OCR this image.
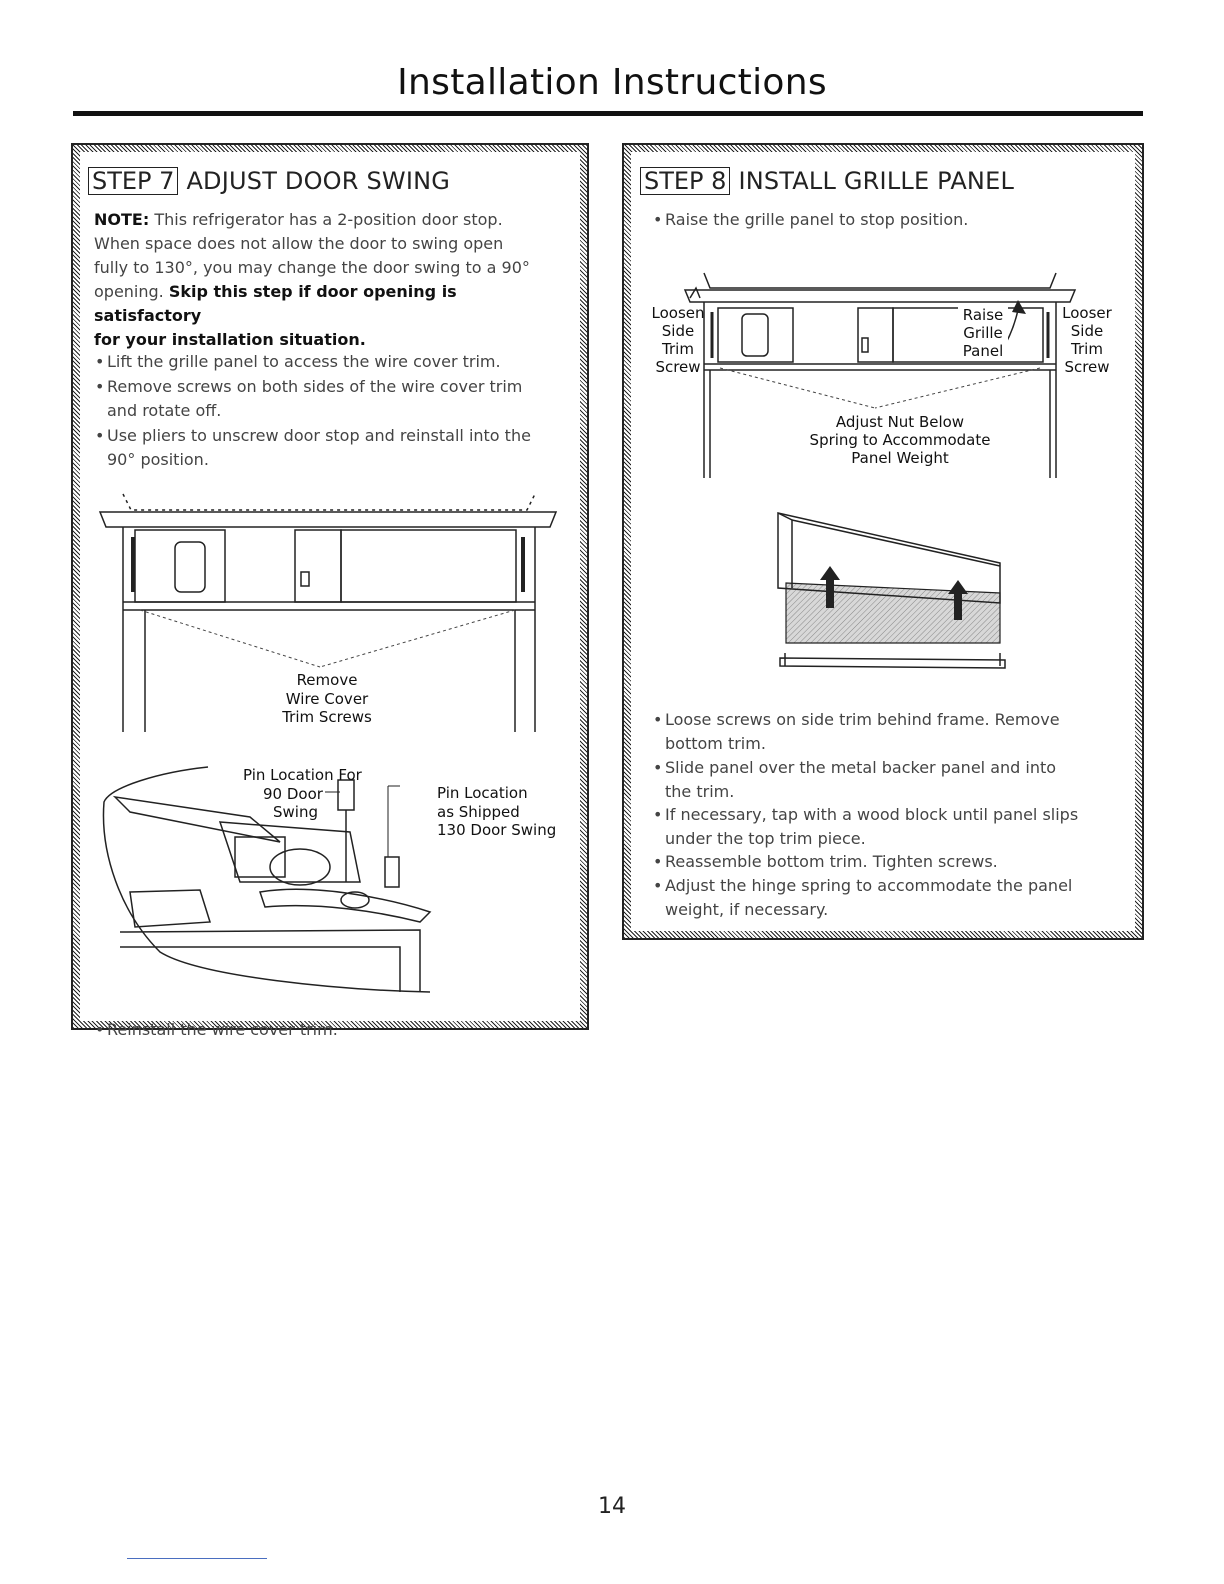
Installation Instructions
STEP 7 ADJUST DOOR SWING
NOTE: This refrigerator has a 2-position door stop.
When space does not allow the door to swing open
fully to 130°, you may change the door swing to a 90°
opening. Skip this step if door opening is satisfactory
for your installation situation.
• Lift the grille panel to access the wire cover trim.
• Remove screws on both sides of the wire cover trim
and rotate off.
• Use pliers to unscrew door stop and reinstall into the
90° position.
Remove
Wire Cover
Trim Screws
Pin Location For
90 Door
Swing
Pin Location
as Shipped
130 Door Swing
• Reinstall the wire cover trim.
STEP 8 INSTALL GRILLE PANEL
• Raise the grille panel to stop position.
Loosen
Side
Trim
Screw
Looser
Side
Trim
Screw
Raise
Grille
Panel
Adjust Nut Below
Spring to Accommodate
Panel Weight
• Loose screws on side trim behind frame. Remove
bottom trim.
• Slide panel over the metal backer panel and into
the trim.
• If necessary, tap with a wood block until panel slips
under the top trim piece.
• Reassemble bottom trim. Tighten screws.
• Adjust the hinge spring to accommodate the panel
weight, if necessary.
14
